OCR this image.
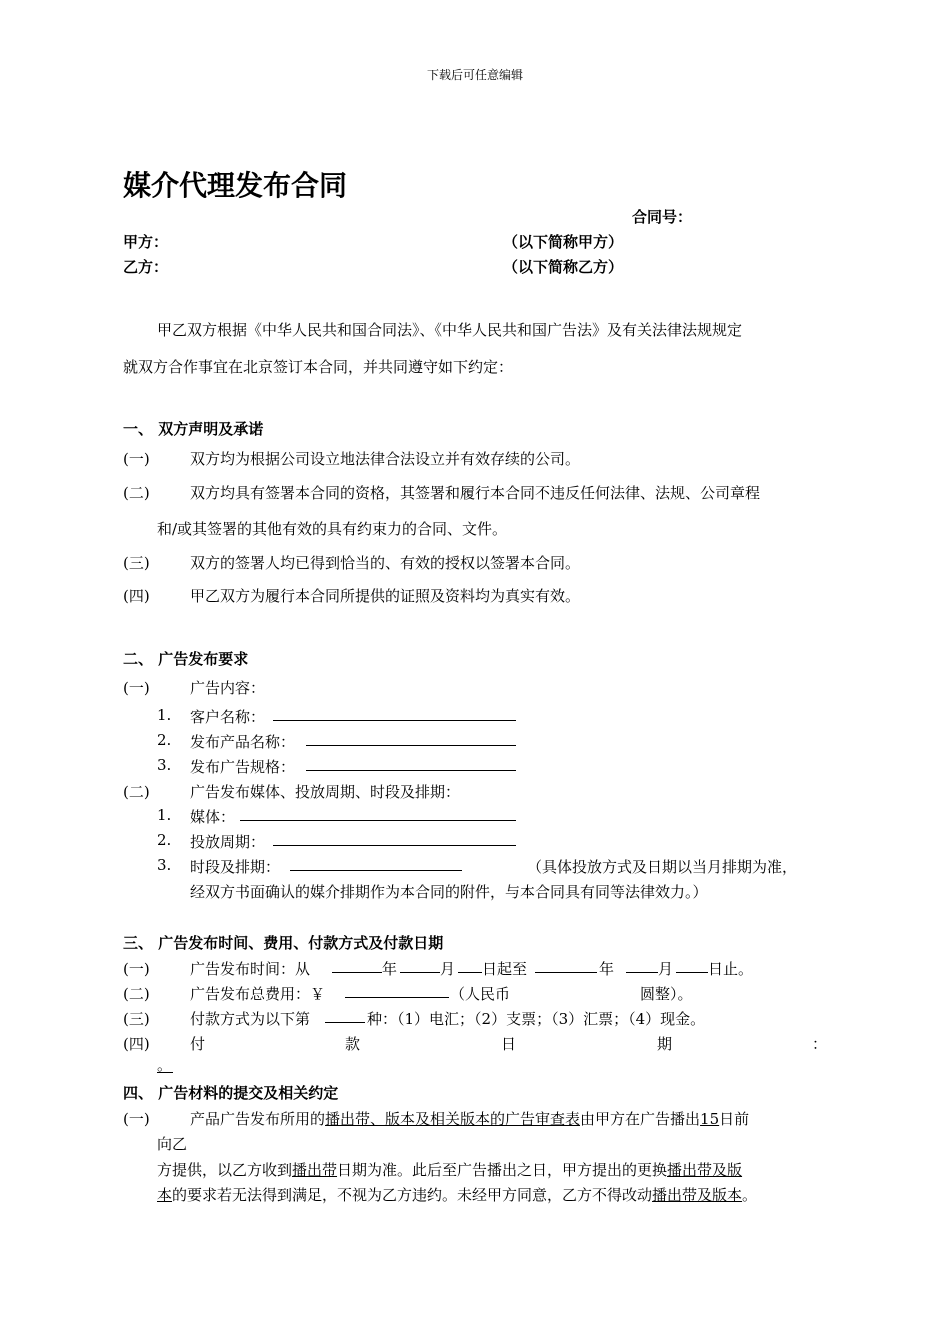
下载后可任意编辑
媒介代理发布合同
合同号：
甲方：	（以下简称甲方）
乙方：	（以下简称乙方）
甲乙双方根据《中华人民共和国合同法》、《中华人民共和国广告法》及有关法律法规规定
就双方合作事宜在北京签订本合同，并共同遵守如下约定：
一、 双方声明及承诺
(一)	双方均为根据公司设立地法律合法设立并有效存续的公司。
(二)	双方均具有签署本合同的资格，其签署和履行本合同不违反任何法律、法规、公司章程
和/或其签署的其他有效的具有约束力的合同、文件。
(三)	双方的签署人均已得到恰当的、有效的授权以签署本合同。
(四)	甲乙双方为履行本合同所提供的证照及资料均为真实有效。
二、 广告发布要求
(一)	广告内容：
1. 客户名称：
2. 发布产品名称：
3. 发布广告规格：
(二)	广告发布媒体、投放周期、时段及排期：
1. 媒体：
2. 投放周期：
3. 时段及排期：	（具体投放方式及日期以当月排期为准，
经双方书面确认的媒介排期作为本合同的附件，与本合同具有同等法律效力。）
三、 广告发布时间、费用、付款方式及付款日期
(一)	广告发布时间：从	年	月 日起至	年	月 日止。
(二)	广告发布总费用：￥	（人民币	圆整）。
(三)	付款方式为以下第	种：（1）电汇；（2）支票；（3）汇票；（4）现金。
(四)	付	款	日	期	：
。
四、 广告材料的提交及相关约定
(一)	产品广告发布所用的播出带、版本及相关版本的广告审查表由甲方在广告播出15日前
向乙
方提供，以乙方收到播出带日期为准。此后至广告播出之日，甲方提出的更换播出带及版
本的要求若无法得到满足，不视为乙方违约。未经甲方同意，乙方不得改动播出带及版本。
